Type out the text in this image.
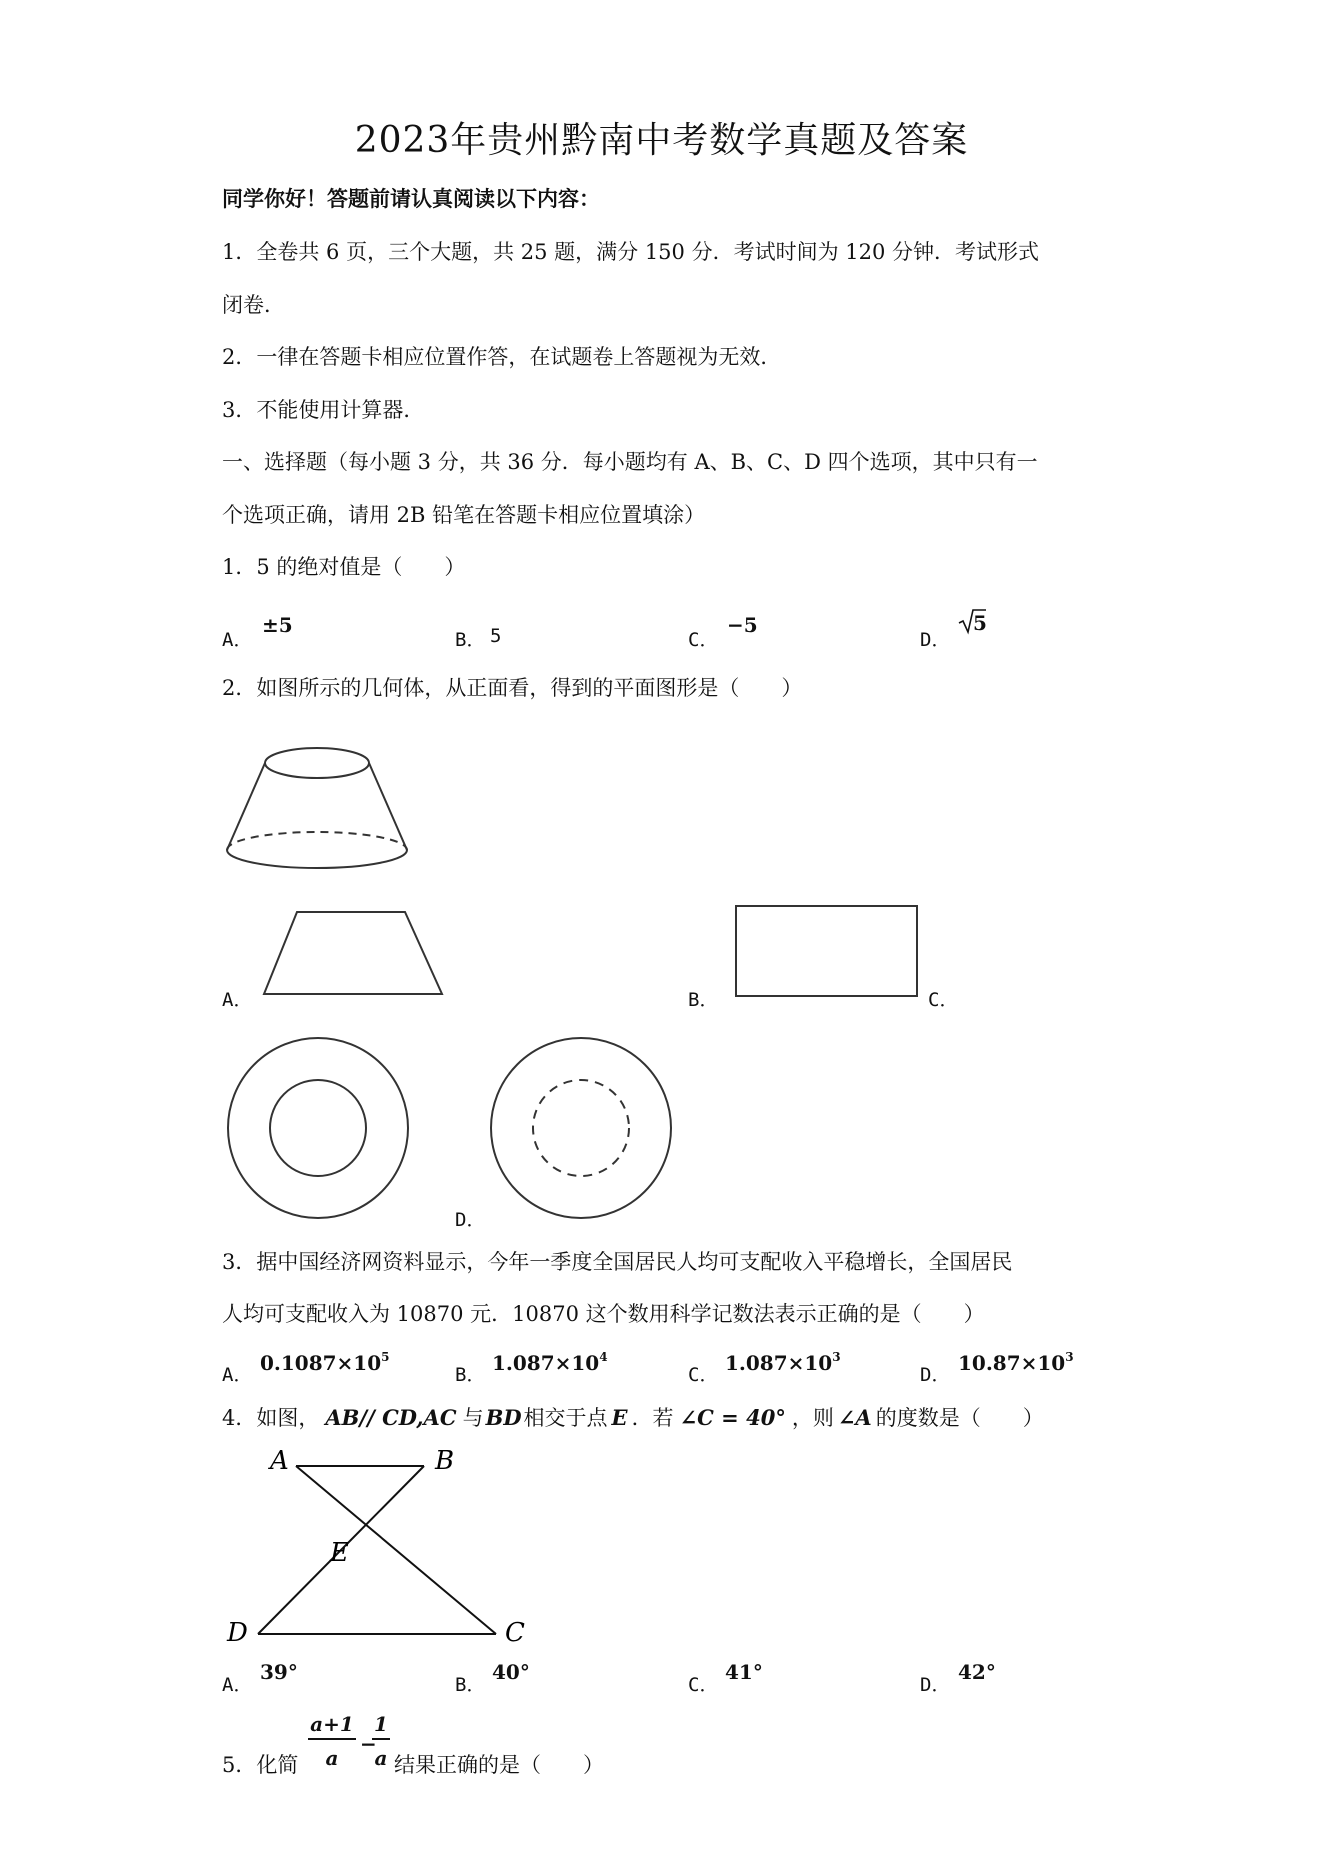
2023年贵州黔南中考数学真题及答案
同学你好！答题前请认真阅读以下内容：
1．全卷共 6 页，三个大题，共 25 题，满分 150 分．考试时间为 120 分钟．考试形式
闭卷．
2．一律在答题卡相应位置作答，在试题卷上答题视为无效．
3．不能使用计算器．
一、选择题（每小题 3 分，共 36 分．每小题均有 A、B、C、D 四个选项，其中只有一
个选项正确，请用 2B 铅笔在答题卡相应位置填涂）
1．5 的绝对值是（　　）
A．
±5
B． 5	C．
−5
D．
5
2．如图所示的几何体，从正面看，得到的平面图形是（　　）
A．	B．	C．
D．
3．据中国经济网资料显示，今年一季度全国居民人均可支配收入平稳增长，全国居民
人均可支配收入为 10870 元．10870 这个数用科学记数法表示正确的是（　　）
A． $0.1087\times 10^5$
B． $1.087\times 10^4$
C． $1.087\times 10^3$
D． $10.87\times 10^3$
4．如图， AB// CD,AC 与BD相交于点 E ．若 ∠C = 40° ，则 ∠A 的度数是（　　）
A	B
E
D	C
A．
39°
B．
40°
C．
41°
D．
42°
5．化简 $\frac{a+1}{a}$ −
$\frac{1}{a}$ 结果正确的是（　　）
